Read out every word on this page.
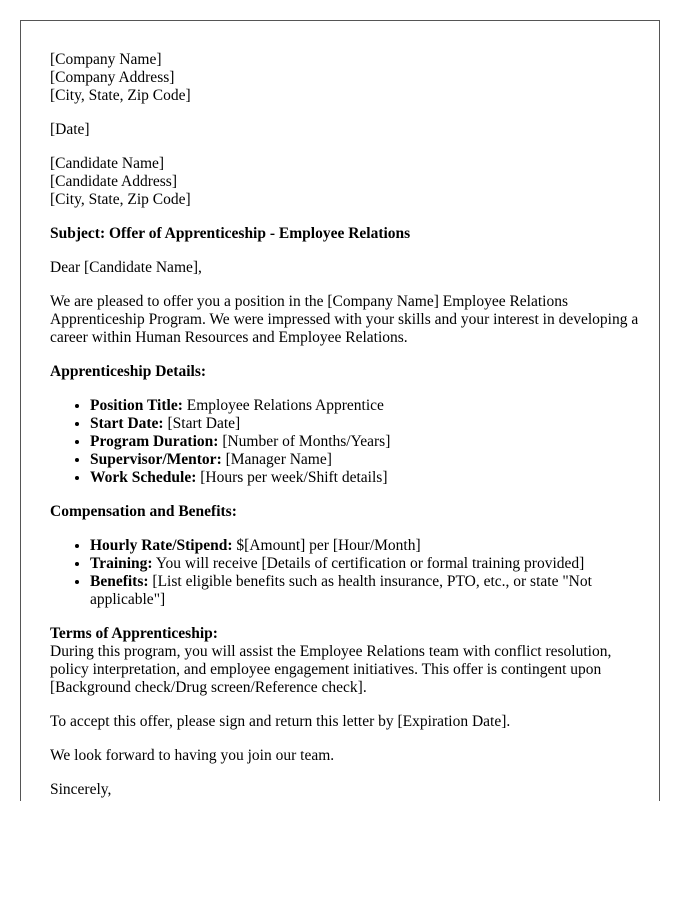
[Company Name]
[Company Address]
[City, State, Zip Code]

[Date]

[Candidate Name]
[Candidate Address]
[City, State, Zip Code]

Subject: Offer of Apprenticeship - Employee Relations

Dear [Candidate Name],

We are pleased to offer you a position in the [Company Name] Employee Relations Apprenticeship Program. We were impressed with your skills and your interest in developing a career within Human Resources and Employee Relations.

Apprenticeship Details:
• Position Title: Employee Relations Apprentice
• Start Date: [Start Date]
• Program Duration: [Number of Months/Years]
• Supervisor/Mentor: [Manager Name]
• Work Schedule: [Hours per week/Shift details]
Compensation and Benefits:
• Hourly Rate/Stipend: $[Amount] per [Hour/Month]
• Training: You will receive [Details of certification or formal training provided]
• Benefits: [List eligible benefits such as health insurance, PTO, etc., or state "Not applicable"]

Terms of Apprenticeship:
During this program, you will assist the Employee Relations team with conflict resolution, policy interpretation, and employee engagement initiatives. This offer is contingent upon [Background check/Drug screen/Reference check].

To accept this offer, please sign and return this letter by [Expiration Date].

We look forward to having you join our team.

Sincerely,
